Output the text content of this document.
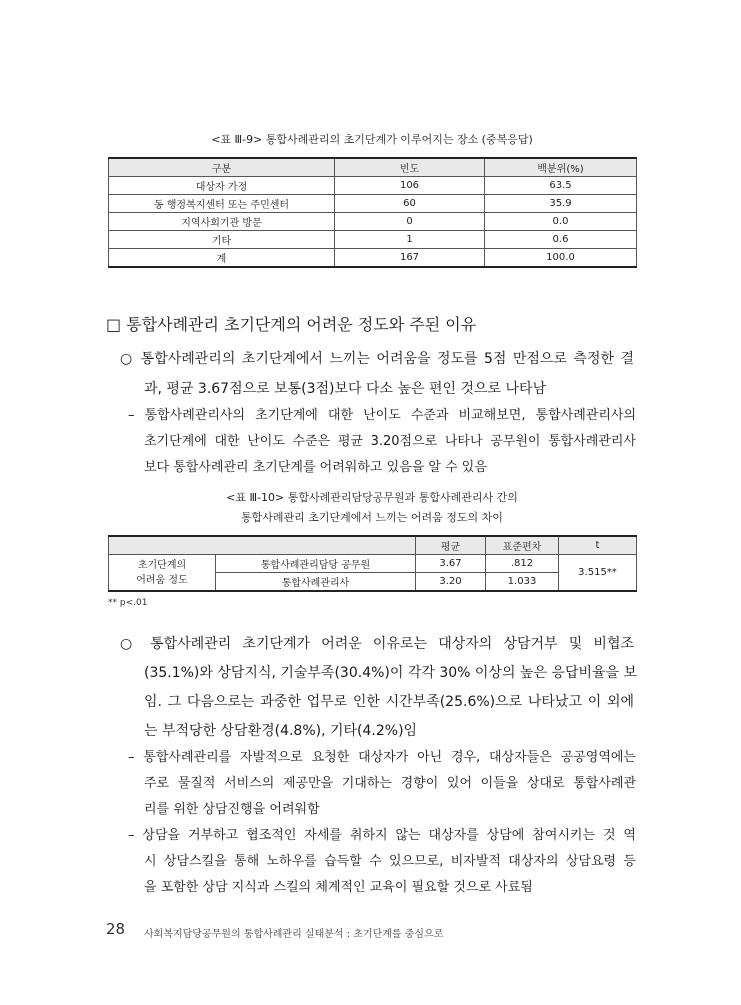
<표 Ⅲ-9> 통합사례관리의 초기단계가 이루어지는 장소 (중복응답)
구분	빈도	백분위(%)
대상자 가정	106	63.5
동 행정복지센터 또는 주민센터	60	35.9
지역사회기관 방문	0	0.0
기타	1	0.6
계	167	100.0
□ 통합사례관리 초기단계의 어려운 정도와 주된 이유
○ 통합사례관리의 초기단계에서 느끼는 어려움을 정도를 5점 만점으로 측정한 결
과, 평균 3.67점으로 보통(3점)보다 다소 높은 편인 것으로 나타남
– 통합사례관리사의 초기단계에 대한 난이도 수준과 비교해보면, 통합사례관리사의
초기단계에 대한 난이도 수준은 평균 3.20점으로 나타나 공무원이 통합사례관리사
보다 통합사례관리 초기단계를 어려워하고 있음을 알 수 있음
<표 Ⅲ-10> 통합사례관리담당공무원과 통합사례관리사 간의
통합사례관리 초기단계에서 느끼는 어려움 정도의 차이
		평균	표준편차	t
초기단계의
어려움 정도	통합사례관리담당 공무원	3.67	.812	3.515**
	통합사례관리사	3.20	1.033	
** p<.01
○ 통합사례관리 초기단계가 어려운 이유로는 대상자의 상담거부 및 비협조
(35.1%)와 상담지식, 기술부족(30.4%)이 각각 30% 이상의 높은 응답비율을 보
임. 그 다음으로는 과중한 업무로 인한 시간부족(25.6%)으로 나타났고 이 외에
는 부적당한 상담환경(4.8%), 기타(4.2%)임
– 통합사례관리를 자발적으로 요청한 대상자가 아닌 경우, 대상자들은 공공영역에는
주로 물질적 서비스의 제공만을 기대하는 경향이 있어 이들을 상대로 통합사례관
리를 위한 상담진행을 어려워함
– 상담을 거부하고 협조적인 자세를 취하지 않는 대상자를 상담에 참여시키는 것 역
시 상담스킬을 통해 노하우를 습득할 수 있으므로, 비자발적 대상자의 상담요령 등
을 포함한 상담 지식과 스킬의 체계적인 교육이 필요할 것으로 사료됨
28 사회복지담당공무원의 통합사례관리 실태분석 : 초기단계를 중심으로
